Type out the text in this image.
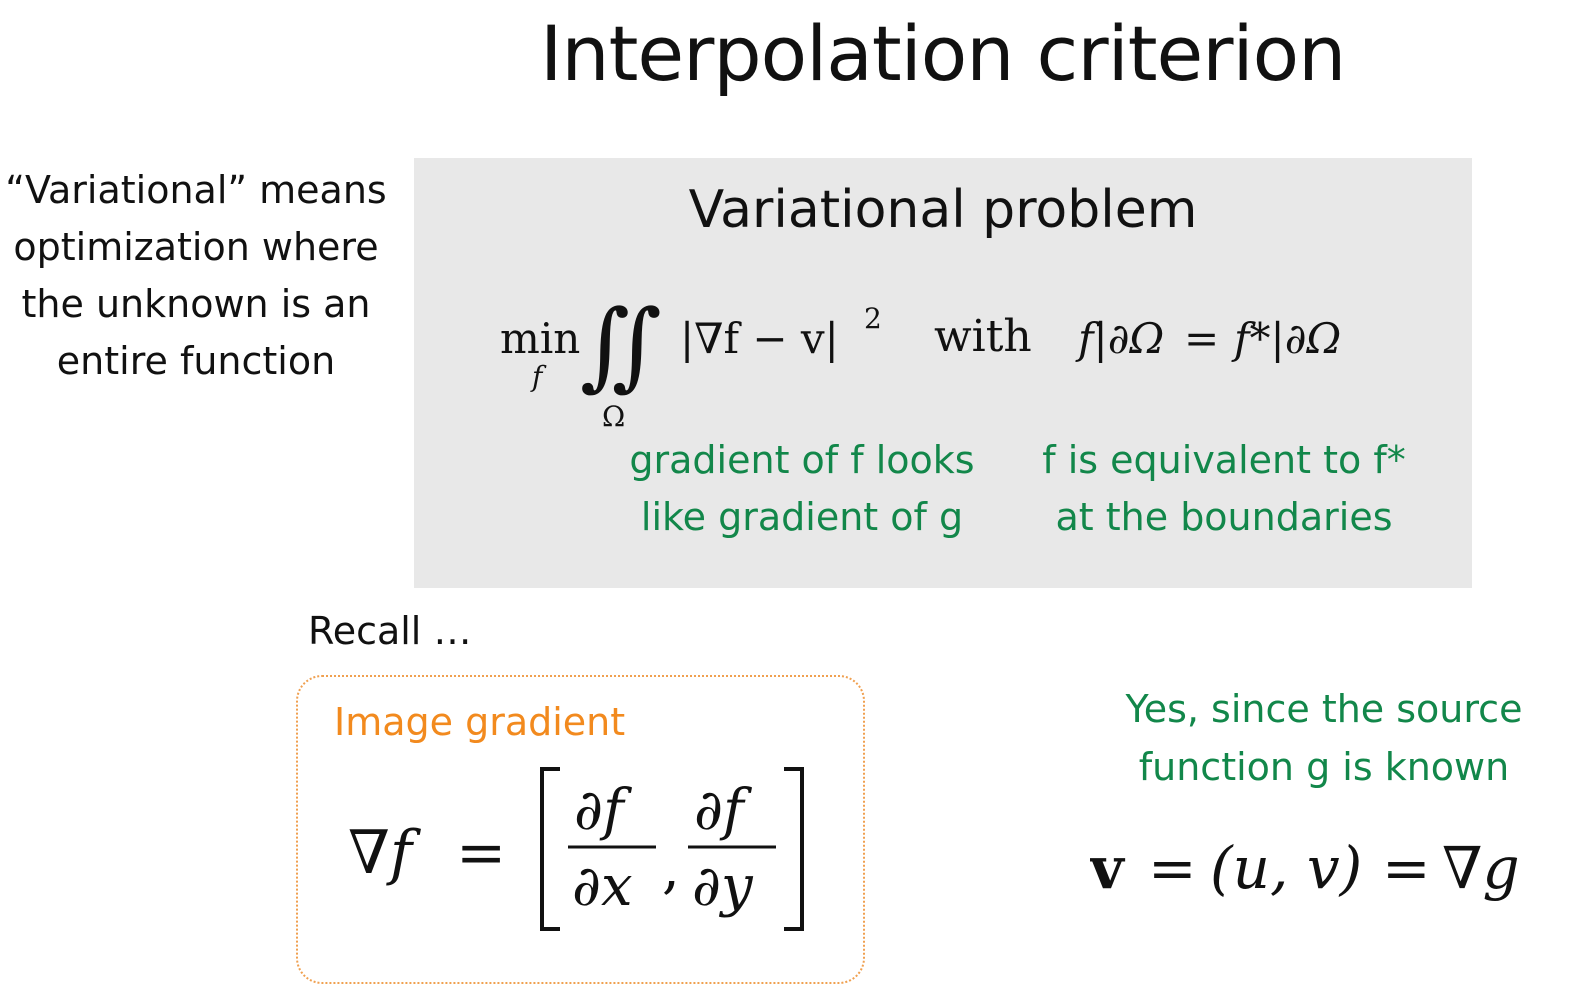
Interpolation criterion
“Variational” means
optimization where
the unknown is an
entire function
Variational problem
min
f ∬
Ω
|∇f − v| 2 with f|∂Ω = f*|∂Ω
gradient of f looks
like gradient of g
f is equivalent to f*
at the boundaries
Recall …
Image gradient
∇f =
∂f
∂x ,
∂f
∂y
Yes, since the source
function g is known
v = (u, v) = ∇g
